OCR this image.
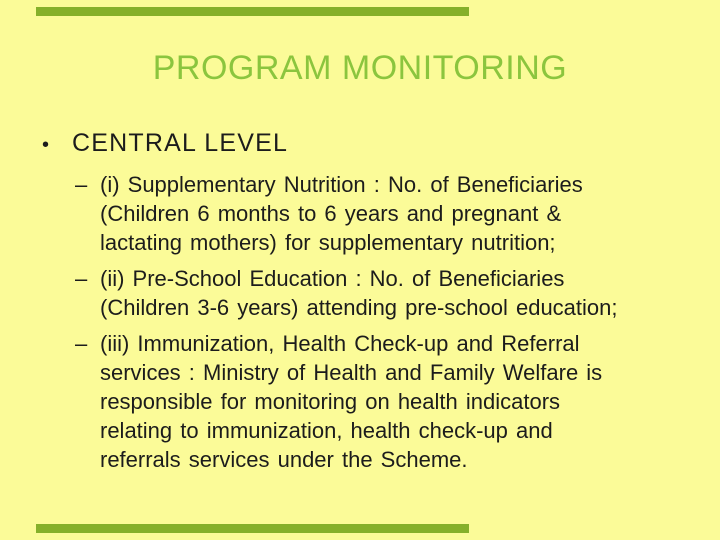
PROGRAM MONITORING
• CENTRAL LEVEL
– (i) Supplementary Nutrition : No. of Beneficiaries
(Children 6 months to 6 years and pregnant &
lactating mothers) for supplementary nutrition;
– (ii) Pre-School Education : No. of Beneficiaries
(Children 3-6 years) attending pre-school education;
– (iii) Immunization, Health Check-up and Referral
services : Ministry of Health and Family Welfare is
responsible for monitoring on health indicators
relating to immunization, health check-up and
referrals services under the Scheme.
